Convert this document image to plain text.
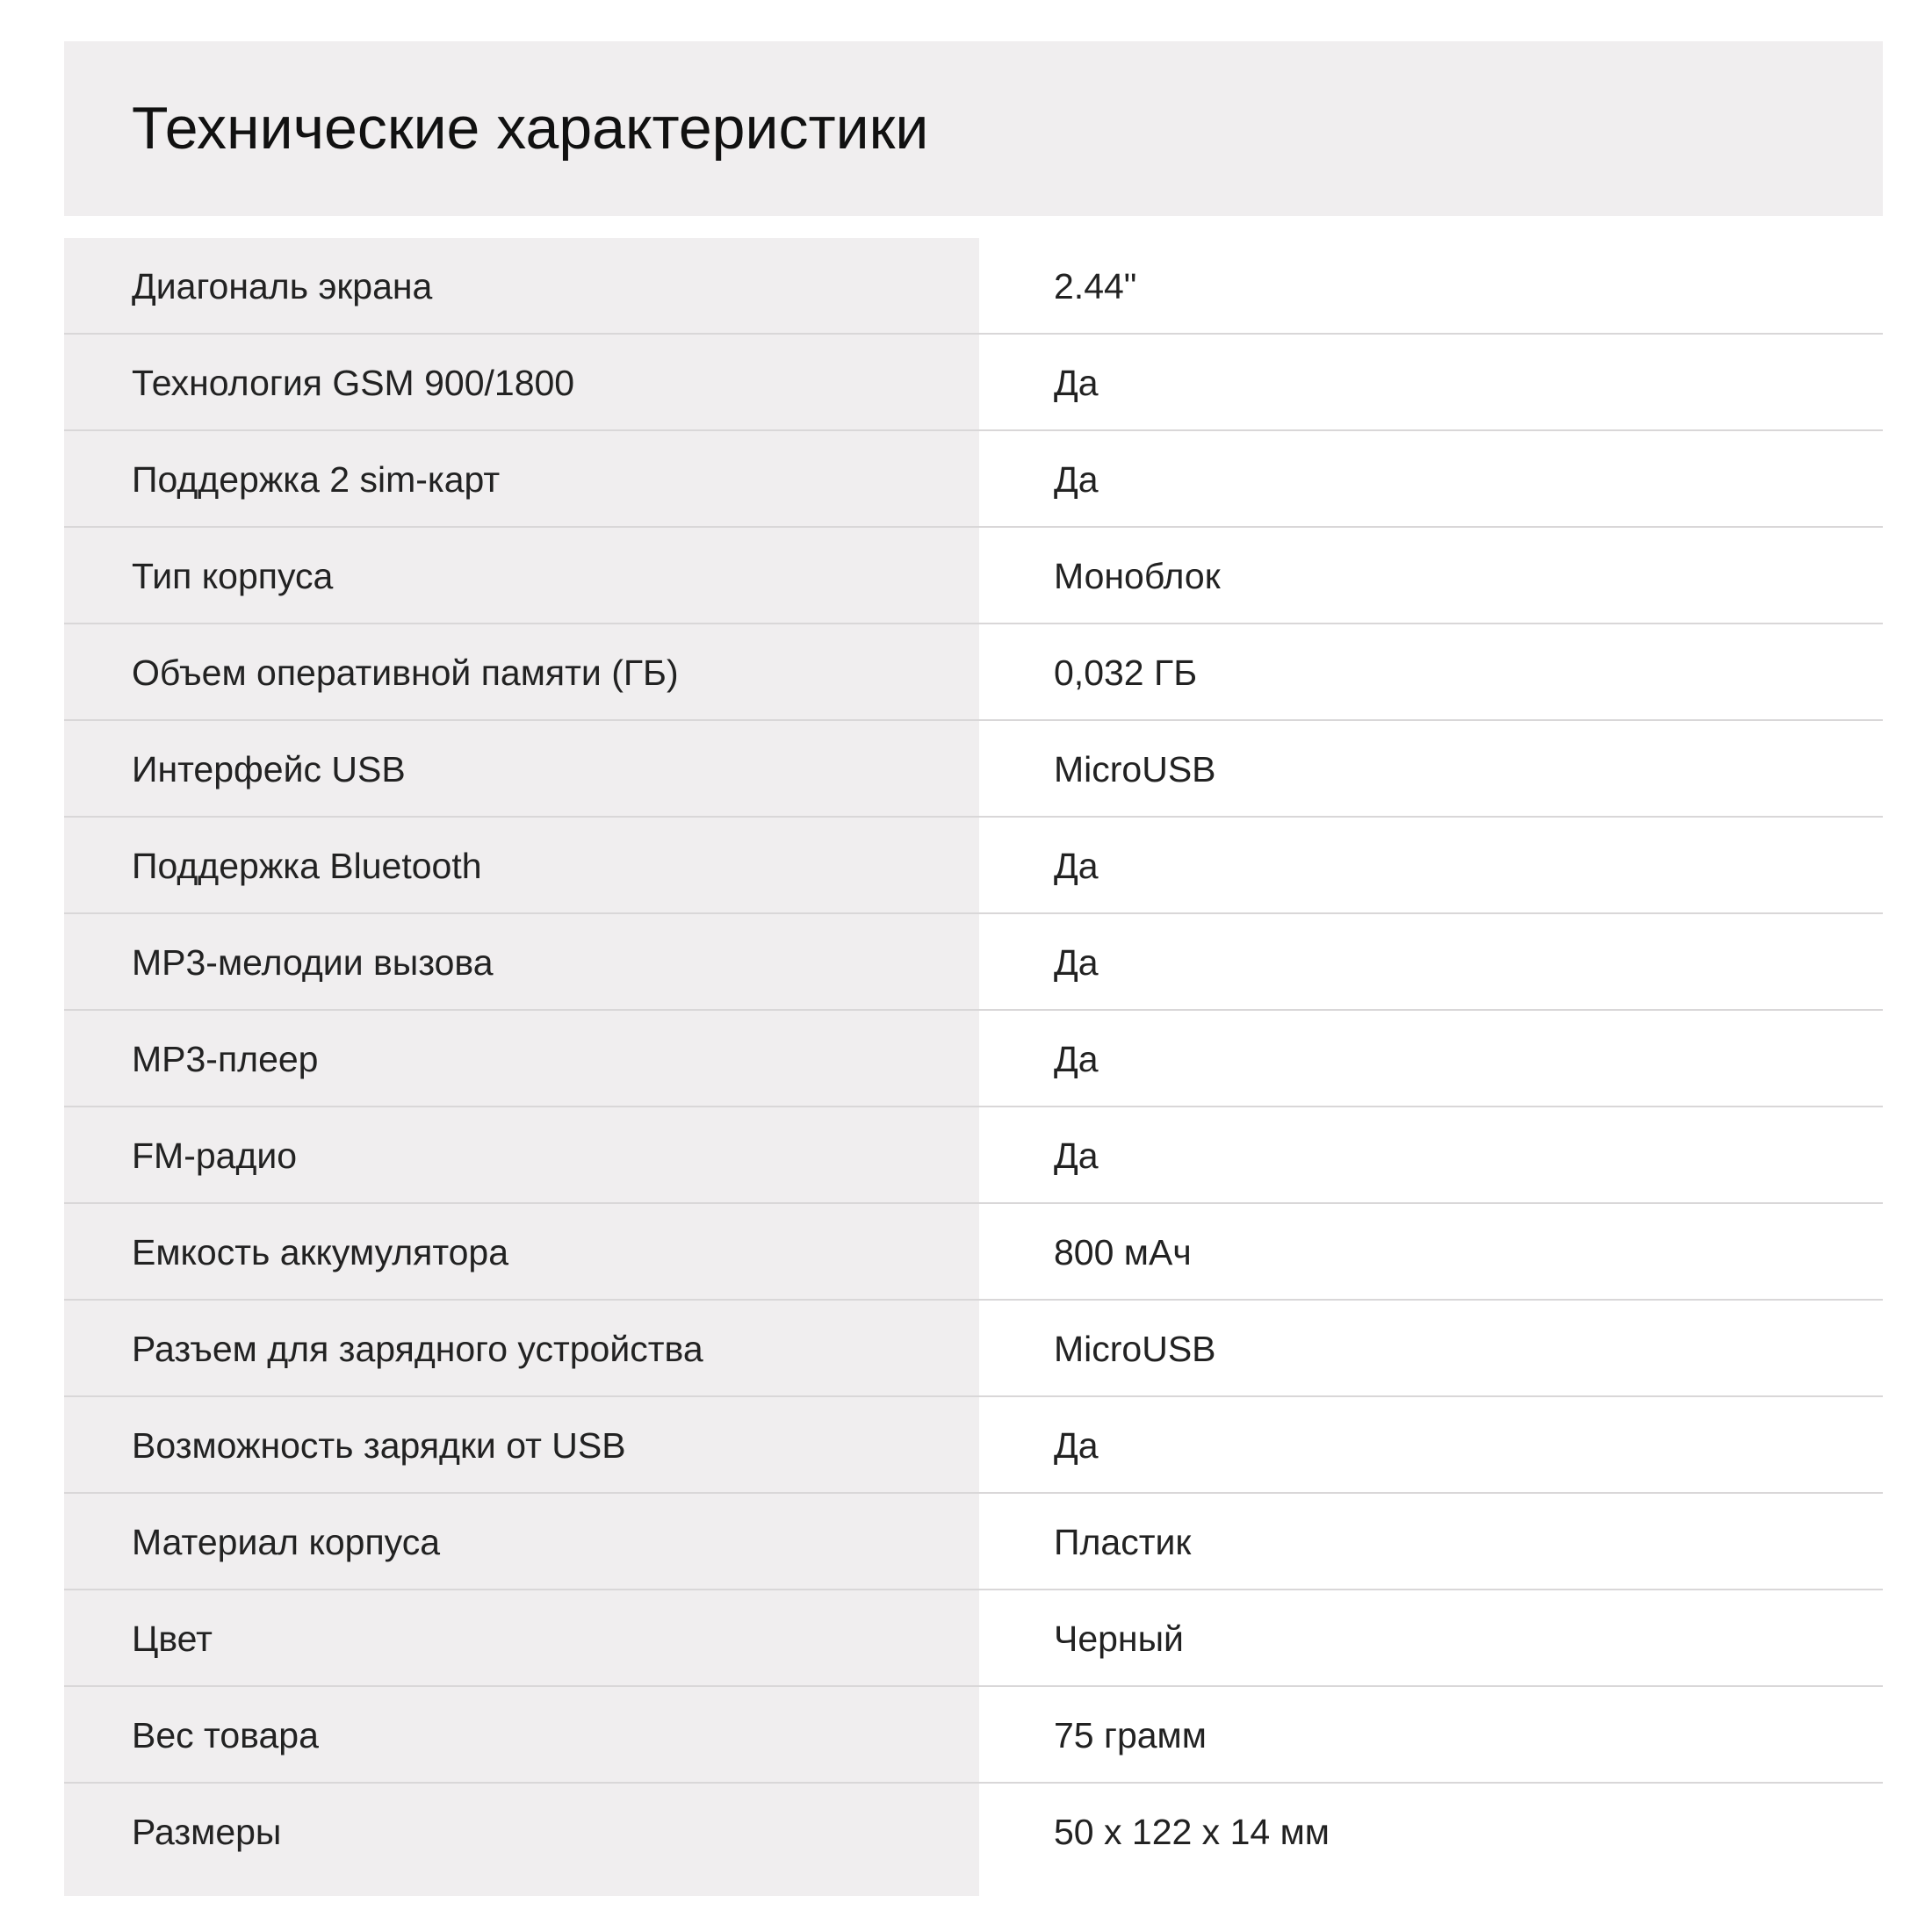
Технические характеристики
Диагональ экрана	2.44"
Технология GSM 900/1800	Да
Поддержка 2 sim-карт	Да
Тип корпуса	Моноблок
Объем оперативной памяти (ГБ)	0,032 ГБ
Интерфейс USB	MicroUSB
Поддержка Bluetooth	Да
MP3-мелодии вызова	Да
MP3-плеер	Да
FM-радио	Да
Емкость аккумулятора	800 мАч
Разъем для зарядного устройства	MicroUSB
Возможность зарядки от USB	Да
Материал корпуса	Пластик
Цвет	Черный
Вес товара	75 грамм
Размеры	50 x 122 x 14 мм
